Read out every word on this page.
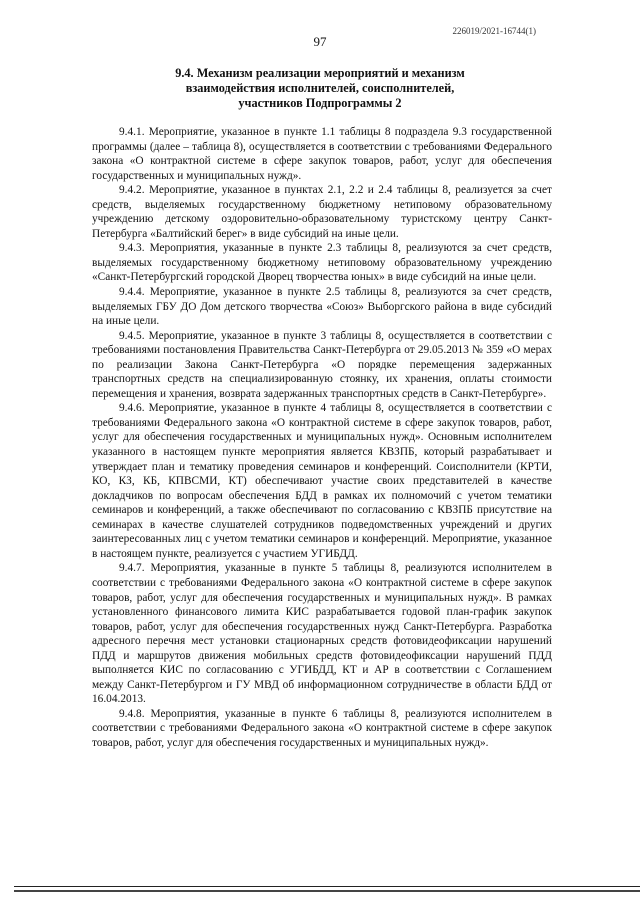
226019/2021-16744(1)
97
9.4. Механизм реализации мероприятий и механизм
взаимодействия исполнителей, соисполнителей,
участников Подпрограммы 2

9.4.1. Мероприятие, указанное в пункте 1.1 таблицы 8 подраздела 9.3 государственной программы (далее – таблица 8), осуществляется в соответствии с требованиями Федерального закона «О контрактной системе в сфере закупок товаров, работ, услуг для обеспечения государственных и муниципальных нужд».

9.4.2. Мероприятие, указанное в пунктах 2.1, 2.2 и 2.4 таблицы 8, реализуется за счет средств, выделяемых государственному бюджетному нетиповому образовательному учреждению детскому оздоровительно-образовательному туристскому центру Санкт-Петербурга «Балтийский берег» в виде субсидий на иные цели.

9.4.3. Мероприятия, указанные в пункте 2.3 таблицы 8, реализуются за счет средств, выделяемых государственному бюджетному нетиповому образовательному учреждению «Санкт-Петербургский городской Дворец творчества юных» в виде субсидий на иные цели.

9.4.4. Мероприятие, указанное в пункте 2.5 таблицы 8, реализуются за счет средств, выделяемых ГБУ ДО Дом детского творчества «Союз» Выборгского района в виде субсидий на иные цели.

9.4.5. Мероприятие, указанное в пункте 3 таблицы 8, осуществляется в соответствии с требованиями постановления Правительства Санкт-Петербурга от 29.05.2013 № 359 «О мерах по реализации Закона Санкт-Петербурга «О порядке перемещения задержанных транспортных средств на специализированную стоянку, их хранения, оплаты стоимости перемещения и хранения, возврата задержанных транспортных средств в Санкт-Петербурге».

9.4.6. Мероприятие, указанное в пункте 4 таблицы 8, осуществляется в соответствии с требованиями Федерального закона «О контрактной системе в сфере закупок товаров, работ, услуг для обеспечения государственных и муниципальных нужд». Основным исполнителем указанного в настоящем пункте мероприятия является КВЗПБ, который разрабатывает и утверждает план и тематику проведения семинаров и конференций. Соисполнители (КРТИ, КО, КЗ, КБ, КПВСМИ, КТ) обеспечивают участие своих представителей в качестве докладчиков по вопросам обеспечения БДД в рамках их полномочий с учетом тематики семинаров и конференций, а также обеспечивают по согласованию с КВЗПБ присутствие на семинарах в качестве слушателей сотрудников подведомственных учреждений и других заинтересованных лиц с учетом тематики семинаров и конференций. Мероприятие, указанное в настоящем пункте, реализуется с участием УГИБДД.

9.4.7. Мероприятия, указанные в пункте 5 таблицы 8, реализуются исполнителем в соответствии с требованиями Федерального закона «О контрактной системе в сфере закупок товаров, работ, услуг для обеспечения государственных и муниципальных нужд». В рамках установленного финансового лимита КИС разрабатывается годовой план-график закупок товаров, работ, услуг для обеспечения государственных нужд Санкт-Петербурга. Разработка адресного перечня мест установки стационарных средств фотовидеофиксации нарушений ПДД и маршрутов движения мобильных средств фотовидеофиксации нарушений ПДД выполняется КИС по согласованию с УГИБДД, КТ и АР в соответствии с Соглашением между Санкт-Петербургом и ГУ МВД об информационном сотрудничестве в области БДД от 16.04.2013.

9.4.8. Мероприятия, указанные в пункте 6 таблицы 8, реализуются исполнителем в соответствии с требованиями Федерального закона «О контрактной системе в сфере закупок товаров, работ, услуг для обеспечения государственных и муниципальных нужд».
